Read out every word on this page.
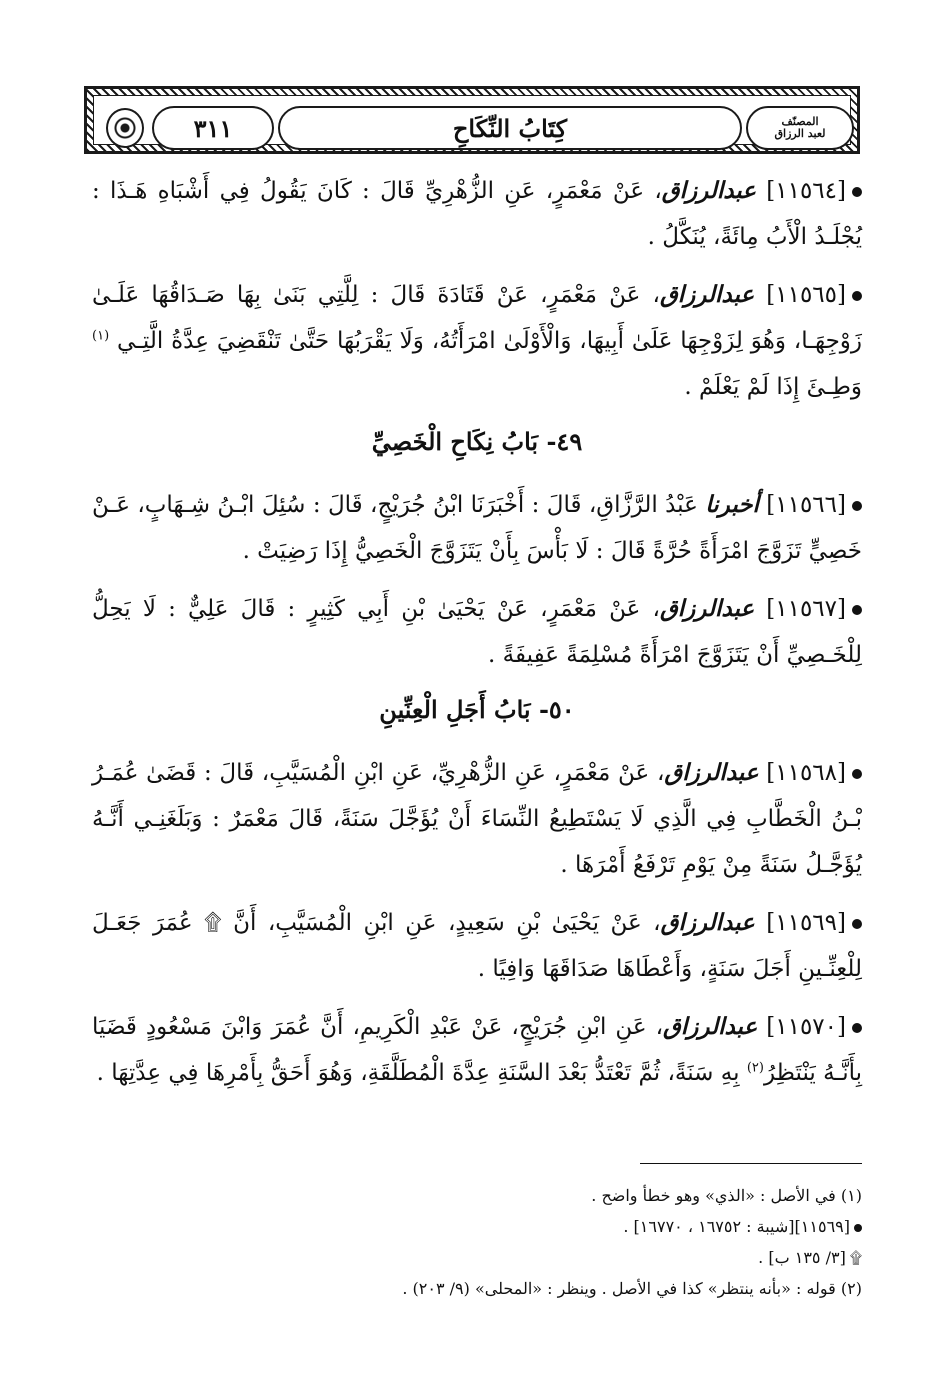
٣١١	كِتَابُ النِّكَاحِ	المصنّف
لعبد الرزاق
[١١٥٦٤] عبدالرزاق، عَنْ مَعْمَرٍ، عَنِ الزُّهْرِيِّ قَالَ : كَانَ يَقُولُ فِي أَشْبَاهِ هَـذَا : يُجْلَـدُ الْأَبُ مِائَةً، يُنَكَّلُ .
[١١٥٦٥] عبدالرزاق، عَنْ مَعْمَرٍ، عَنْ قَتَادَةَ قَالَ : لِلَّتِي بَنَىٰ بِهَا صَـدَاقُهَا عَلَـىٰ زَوْجِهَـا، وَهُوَ لِزَوْجِهَا عَلَىٰ أَبِيهَا، وَالْأَوْلَىٰ امْرَأَتُهُ، وَلَا يَقْرَبُهَا حَتَّىٰ تَنْقَضِيَ عِدَّةُ الَّتِـي $^{(١)}$ وَطِـئَ إِذَا لَمْ يَعْلَمْ .
٤٩- بَابُ نِكَاحِ الْخَصِيِّ
[١١٥٦٦] أخبرنا عَبْدُ الرَّزَّاقِ، قَالَ : أَخْبَرَنَا ابْنُ جُرَيْجٍ، قَالَ : سُئِلَ ابْـنُ شِـهَابٍ، عَـنْ خَصِيٍّ تَزَوَّجَ امْرَأَةً حُرَّةً قَالَ : لَا بَأْسَ بِأَنْ يَتَزَوَّجَ الْخَصِيُّ إِذَا رَضِيَتْ .
[١١٥٦٧] عبدالرزاق، عَنْ مَعْمَرٍ، عَنْ يَحْيَىٰ بْنِ أَبِي كَثِيرٍ : قَالَ عَلِيٌّ : لَا يَحِلُّ لِلْخَـصِيِّ أَنْ يَتَزَوَّجَ امْرَأَةً مُسْلِمَةً عَفِيفَةً .
٥٠- بَابُ أَجَلِ الْعِنِّينِ
[١١٥٦٨] عبدالرزاق، عَنْ مَعْمَرٍ، عَنِ الزُّهْرِيِّ، عَنِ ابْنِ الْمُسَيَّبِ، قَالَ : قَضَىٰ عُمَـرُ بْـنُ الْخَطَّابِ فِي الَّذِي لَا يَسْتَطِيعُ النِّسَاءَ أَنْ يُؤَجَّلَ سَنَةً، قَالَ مَعْمَرٌ : وَبَلَغَنِـي أَنَّـهُ يُؤَجَّـلُ سَنَةً مِنْ يَوْمِ تَرْفَعُ أَمْرَهَا .
[١١٥٦٩] عبدالرزاق، عَنْ يَحْيَىٰ بْنِ سَعِيدٍ، عَنِ ابْنِ الْمُسَيَّبِ، أَنَّ ۩ عُمَرَ جَعَـلَ لِلْعِنِّـينِ أَجَلَ سَنَةٍ، وَأَعْطَاهَا صَدَاقَهَا وَافِيًا .
[١١٥٧٠] عبدالرزاق، عَنِ ابْنِ جُرَيْجٍ، عَنْ عَبْدِ الْكَرِيمِ، أَنَّ عُمَرَ وَابْنَ مَسْعُودٍ قَضَيَا بِأَنَّـهُ يَنْتَظِرُ$^{(٢)}$ بِهِ سَنَةً، ثُمَّ تَعْتَدُّ بَعْدَ السَّنَةِ عِدَّةَ الْمُطَلَّقَةِ، وَهُوَ أَحَقُّ بِأَمْرِهَا فِي عِدَّتِهَا .
(١) في الأصل : «الذي» وهو خطأ واضح .
[١١٥٦٩][شيبة : ١٦٧٥٢ ، ١٦٧٧٠] .
۩[٣/ ١٣٥ ب] .
(٢) قوله : «بأنه ينتظر» كذا في الأصل . وينظر : «المحلى» (٩/ ٢٠٣) .
